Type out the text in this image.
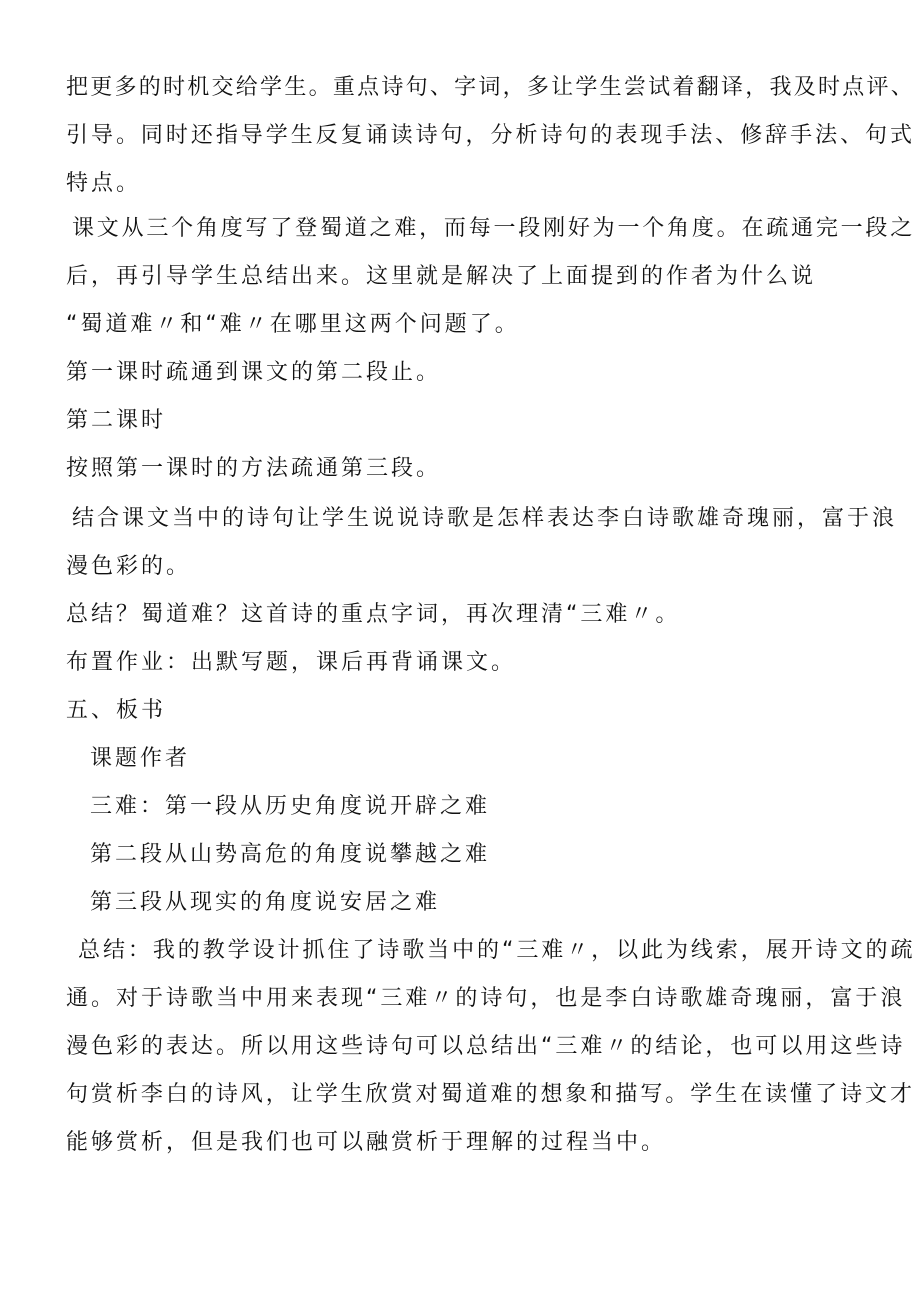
把更多的时机交给学生。重点诗句、字词，多让学生尝试着翻译，我及时点评、
引导。同时还指导学生反复诵读诗句，分析诗句的表现手法、修辞手法、句式
特点。
课文从三个角度写了登蜀道之难，而每一段刚好为一个角度。在疏通完一段之
后，再引导学生总结出来。这里就是解决了上面提到的作者为什么说
“蜀道难〃和“难〃在哪里这两个问题了。
第一课时疏通到课文的第二段止。
第二课时
按照第一课时的方法疏通第三段。
结合课文当中的诗句让学生说说诗歌是怎样表达李白诗歌雄奇瑰丽，富于浪
漫色彩的。
总结？蜀道难？这首诗的重点字词，再次理清“三难〃。
布置作业：出默写题，课后再背诵课文。
五、板书
课题作者
三难：第一段从历史角度说开辟之难
第二段从山势高危的角度说攀越之难
第三段从现实的角度说安居之难
总结：我的教学设计抓住了诗歌当中的“三难〃，以此为线索，展开诗文的疏
通。对于诗歌当中用来表现“三难〃的诗句，也是李白诗歌雄奇瑰丽，富于浪
漫色彩的表达。所以用这些诗句可以总结出“三难〃的结论，也可以用这些诗
句赏析李白的诗风，让学生欣赏对蜀道难的想象和描写。学生在读懂了诗文才
能够赏析，但是我们也可以融赏析于理解的过程当中。
